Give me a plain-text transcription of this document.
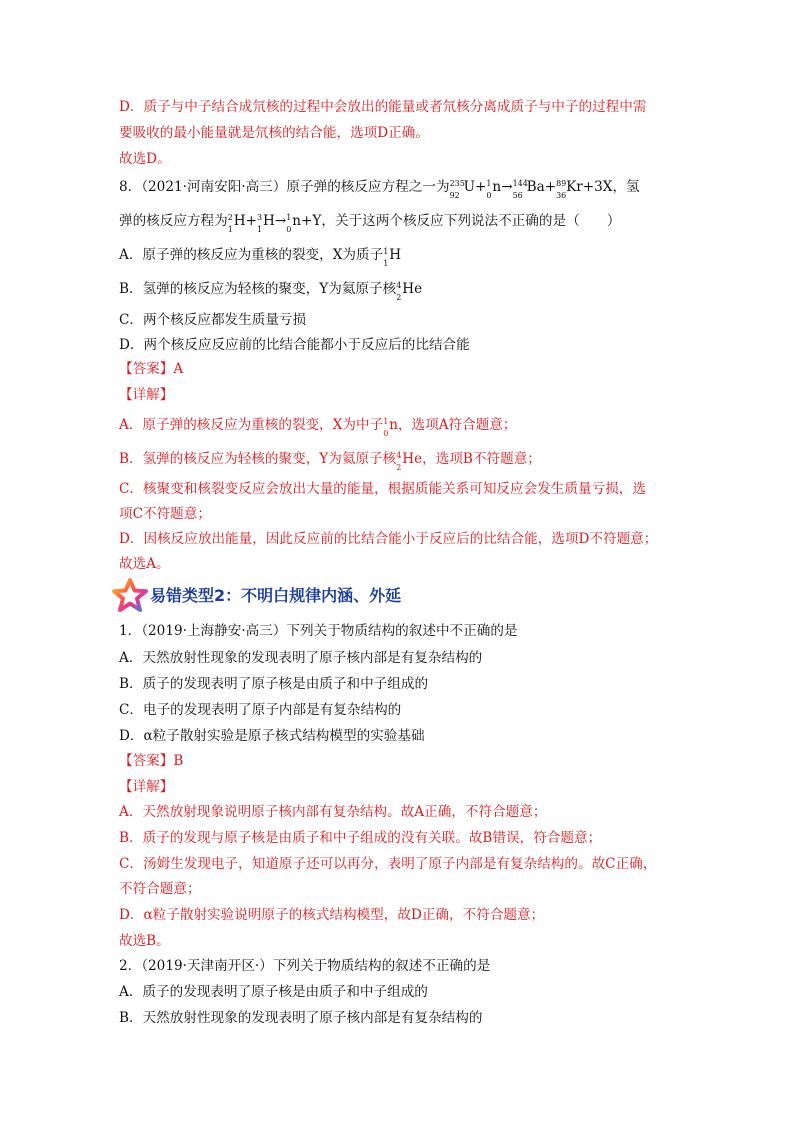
D．质子与中子结合成氘核的过程中会放出的能量或者氘核分离成质子与中子的过程中需
要吸收的最小能量就是氘核的结合能，选项D正确。
故选D。
8．（2021·河南安阳·高三）原子弹的核反应方程之一为 235
92
U+ 1
0
n→ 144
56
Ba+ 89
36
Kr+3X，氢
弹的核反应方程为 2
1
H+ 3
1
H→ 1
0
n+Y，关于这两个核反应下列说法不正确的是（　　）
A．原子弹的核反应为重核的裂变，X为质子 1
1
H
B．氢弹的核反应为轻核的聚变，Y为氦原子核 4
2
He
C．两个核反应都发生质量亏损
D．两个核反应反应前的比结合能都小于反应后的比结合能
【答案】A
【详解】
A．原子弹的核反应为重核的裂变，X为中子 1
0
n，选项A符合题意；
B．氢弹的核反应为轻核的聚变，Y为氦原子核 4
2
He，选项B不符题意；
C．核聚变和核裂变反应会放出大量的能量，根据质能关系可知反应会发生质量亏损，选
项C不符题意；
D．因核反应放出能量，因此反应前的比结合能小于反应后的比结合能，选项D不符题意；
故选A。
易错类型2：不明白规律内涵、外延
1．（2019·上海静安·高三）下列关于物质结构的叙述中不正确的是
A．天然放射性现象的发现表明了原子核内部是有复杂结构的
B．质子的发现表明了原子核是由质子和中子组成的
C．电子的发现表明了原子内部是有复杂结构的
D．α粒子散射实验是原子核式结构模型的实验基础
【答案】B
【详解】
A．天然放射现象说明原子核内部有复杂结构。故A正确，不符合题意；
B．质子的发现与原子核是由质子和中子组成的没有关联。故B错误，符合题意；
C．汤姆生发现电子，知道原子还可以再分，表明了原子内部是有复杂结构的。故C正确，
不符合题意；
D．α粒子散射实验说明原子的核式结构模型，故D正确，不符合题意；
故选B。
2．（2019·天津南开区·）下列关于物质结构的叙述不正确的是
A．质子的发现表明了原子核是由质子和中子组成的
B．天然放射性现象的发现表明了原子核内部是有复杂结构的
